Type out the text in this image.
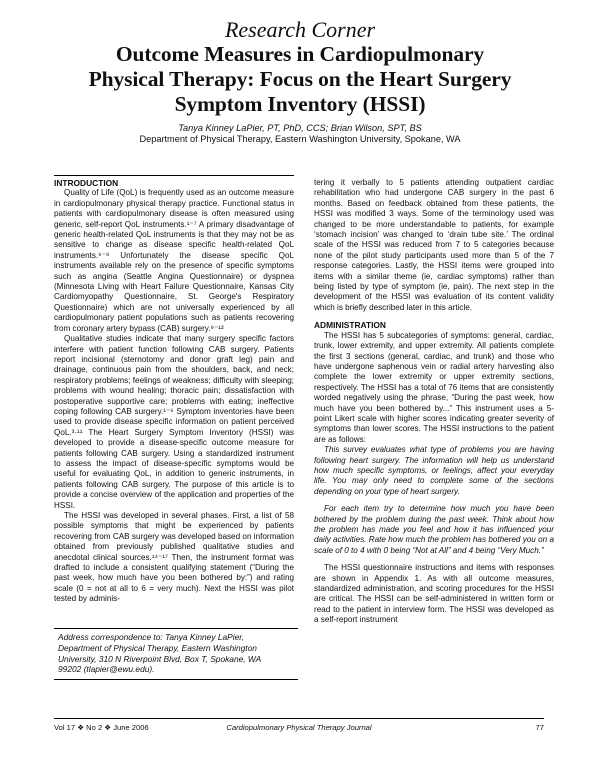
Research Corner

Outcome Measures in Cardiopulmonary
Physical Therapy: Focus on the Heart Surgery
Symptom Inventory (HSSI)
Tanya Kinney LaPier, PT, PhD, CCS; Brian Wilson, SPT, BS
Department of Physical Therapy, Eastern Washington University, Spokane, WA
INTRODUCTION

Quality of Life (QoL) is frequently used as an outcome measure in cardiopulmonary physical therapy practice. Functional status in patients with cardiopulmonary disease is often measured using generic, self-report QoL instruments.¹⁻⁷ A primary disadvantage of generic health-related QoL instruments is that they may not be as sensitive to change as disease specific health-related QoL instruments.⁶⁻⁸ Unfortunately the disease specific QoL instruments available rely on the presence of specific symptoms such as angina (Seattle Angina Questionnaire) or dyspnea (Minnesota Living with Heart Failure Questionnaire, Kansas City Cardiomyopathy Questionnaire, St. George's Respiratory Questionnaire) which are not universally experienced by all cardiopulmonary patient populations such as patients recovering from coronary artery bypass (CAB) surgery.⁹⁻¹²

Qualitative studies indicate that many surgery specific factors interfere with patient function following CAB surgery. Patients report incisional (sternotomy and donor graft leg) pain and drainage, continuous pain from the shoulders, back, and neck; respiratory problems; feelings of weakness; difficulty with sleeping; problems with wound healing; thoracic pain; dissatisfaction with postoperative supportive care; problems with eating; ineffective coping following CAB surgery.¹⁻⁶ Symptom inventories have been used to provide disease specific information on patient perceived QoL.³·¹¹ The Heart Surgery Symptom Inventory (HSSI) was developed to provide a disease-specific outcome measure for patients following CAB surgery. Using a standardized instrument to assess the impact of disease-specific symptoms would be useful for evaluating QoL, in addition to generic instruments, in patients following CAB surgery. The purpose of this article is to provide a concise overview of the application and properties of the HSSI.

The HSSI was developed in several phases. First, a list of 58 possible symptoms that might be experienced by patients recovering from CAB surgery was developed based on information obtained from previously published qualitative studies and anecdotal clinical sources.¹⁴⁻¹⁷ Then, the instrument format was drafted to include a consistent qualifying statement (“During the past week, how much have you been bothered by:”) and rating scale (0 = not at all to 6 = very much). Next the HSSI was pilot tested by adminis-

tering it verbally to 5 patients attending outpatient cardiac rehabilitation who had undergone CAB surgery in the past 6 months. Based on feedback obtained from these patients, the HSSI was modified 3 ways. Some of the terminology used was changed to be more understandable to patients, for example ‘stomach incision’ was changed to ‘drain tube site.’ The ordinal scale of the HSSI was reduced from 7 to 5 categories because none of the pilot study participants used more than 5 of the 7 response categories. Lastly, the HSSI items were grouped into items with a similar theme (ie, cardiac symptoms) rather than being listed by type of symptom (ie, pain). The next step in the development of the HSSI was evaluation of its content validity which is briefly described later in this article.

ADMINISTRATION

The HSSI has 5 subcategories of symptoms: general, cardiac, trunk, lower extremity, and upper extremity. All patients complete the first 3 sections (general, cardiac, and trunk) and those who have undergone saphenous vein or radial artery harvesting also complete the lower extremity or upper extremity sections, respectively. The HSSI has a total of 76 items that are consistently worded negatively using the phrase, “During the past week, how much have you been bothered by...” This instrument uses a 5-point Likert scale with higher scores indicating greater severity of symptoms than lower scores. The HSSI instructions to the patient are as follows:

This survey evaluates what type of problems you are having following heart surgery. The information will help us understand how much specific symptoms, or feelings, affect your everyday life. You may only need to complete some of the sections depending on your type of heart surgery.

For each item try to determine how much you have been bothered by the problem during the past week. Think about how the problem has made you feel and how it has influenced your daily activities. Rate how much the problem has bothered you on a scale of 0 to 4 with 0 being “Not at All” and 4 being “Very Much.”

The HSSI questionnaire instructions and items with responses are shown in Appendix 1. As with all outcome measures, standardized administration, and scoring procedures for the HSSI are critical. The HSSI can be self-administered in written form or read to the patient in interview form. The HSSI was developed as a self-report instrument

Address correspondence to: Tanya Kinney LaPier,
Department of Physical Therapy, Eastern Washington
University, 310 N Riverpoint Blvd, Box T, Spokane, WA
99202 (tlapier@ewu.edu).
Vol 17 ❖ No 2 ❖ June 2006	Cardiopulmonary Physical Therapy Journal	77
